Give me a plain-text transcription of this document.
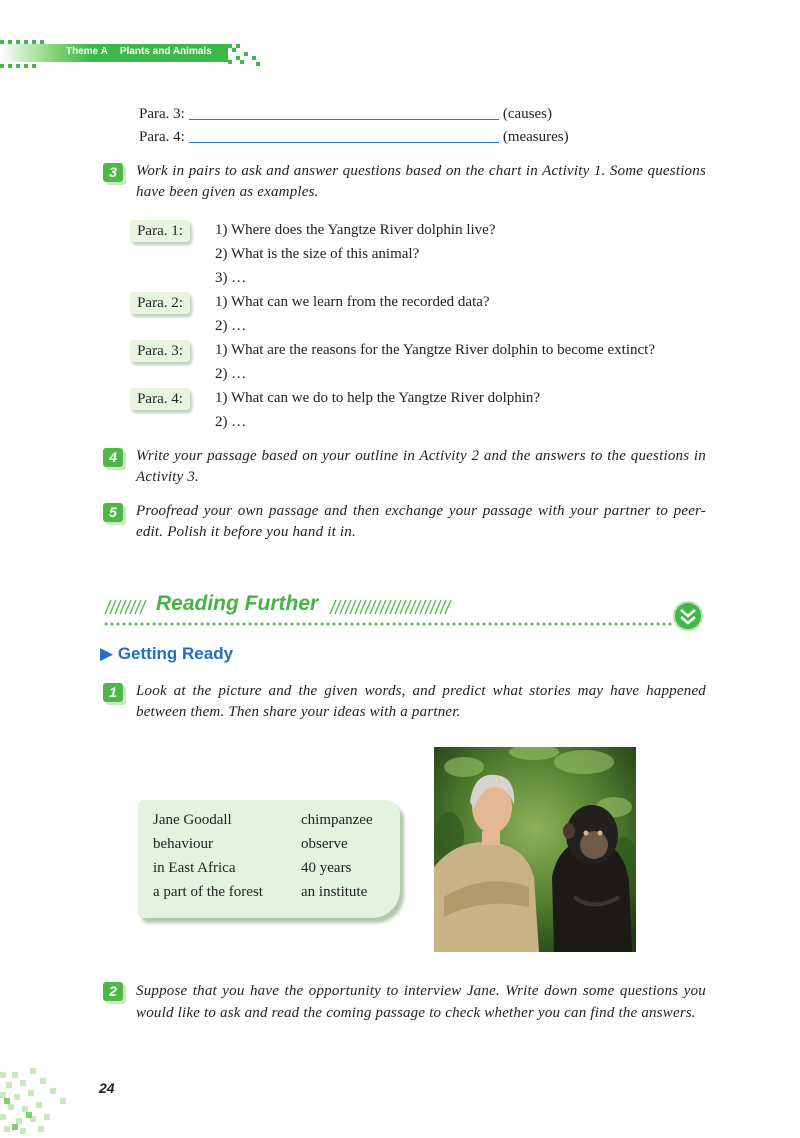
Theme A Plants and Animals
Para. 3:	(causes)
Para. 4:	(measures)
3	Work in pairs to ask and answer questions based on the chart in Activity 1. Some questions have been given as examples.
Para. 1:	1) Where does the Yangtze River dolphin live?
2) What is the size of this animal?
3) …
Para. 2:	1) What can we learn from the recorded data?
2) …
Para. 3:	1) What are the reasons for the Yangtze River dolphin to become extinct?
2) …
Para. 4:	1) What can we do to help the Yangtze River dolphin?
2) …
4	Write your passage based on your outline in Activity 2 and the answers to the questions in Activity 3.
5	Proofread your own passage and then exchange your passage with your partner to peer-edit. Polish it before you hand it in.
Reading Further
▶ Getting Ready
1	Look at the picture and the given words, and predict what stories may have happened between them. Then share your ideas with a partner.
Jane Goodall	chimpanzee
behaviour	observe
in East Africa	40 years
a part of the forest	an institute
2	Suppose that you have the opportunity to interview Jane. Write down some questions you would like to ask and read the coming passage to check whether you can find the answers.
24
